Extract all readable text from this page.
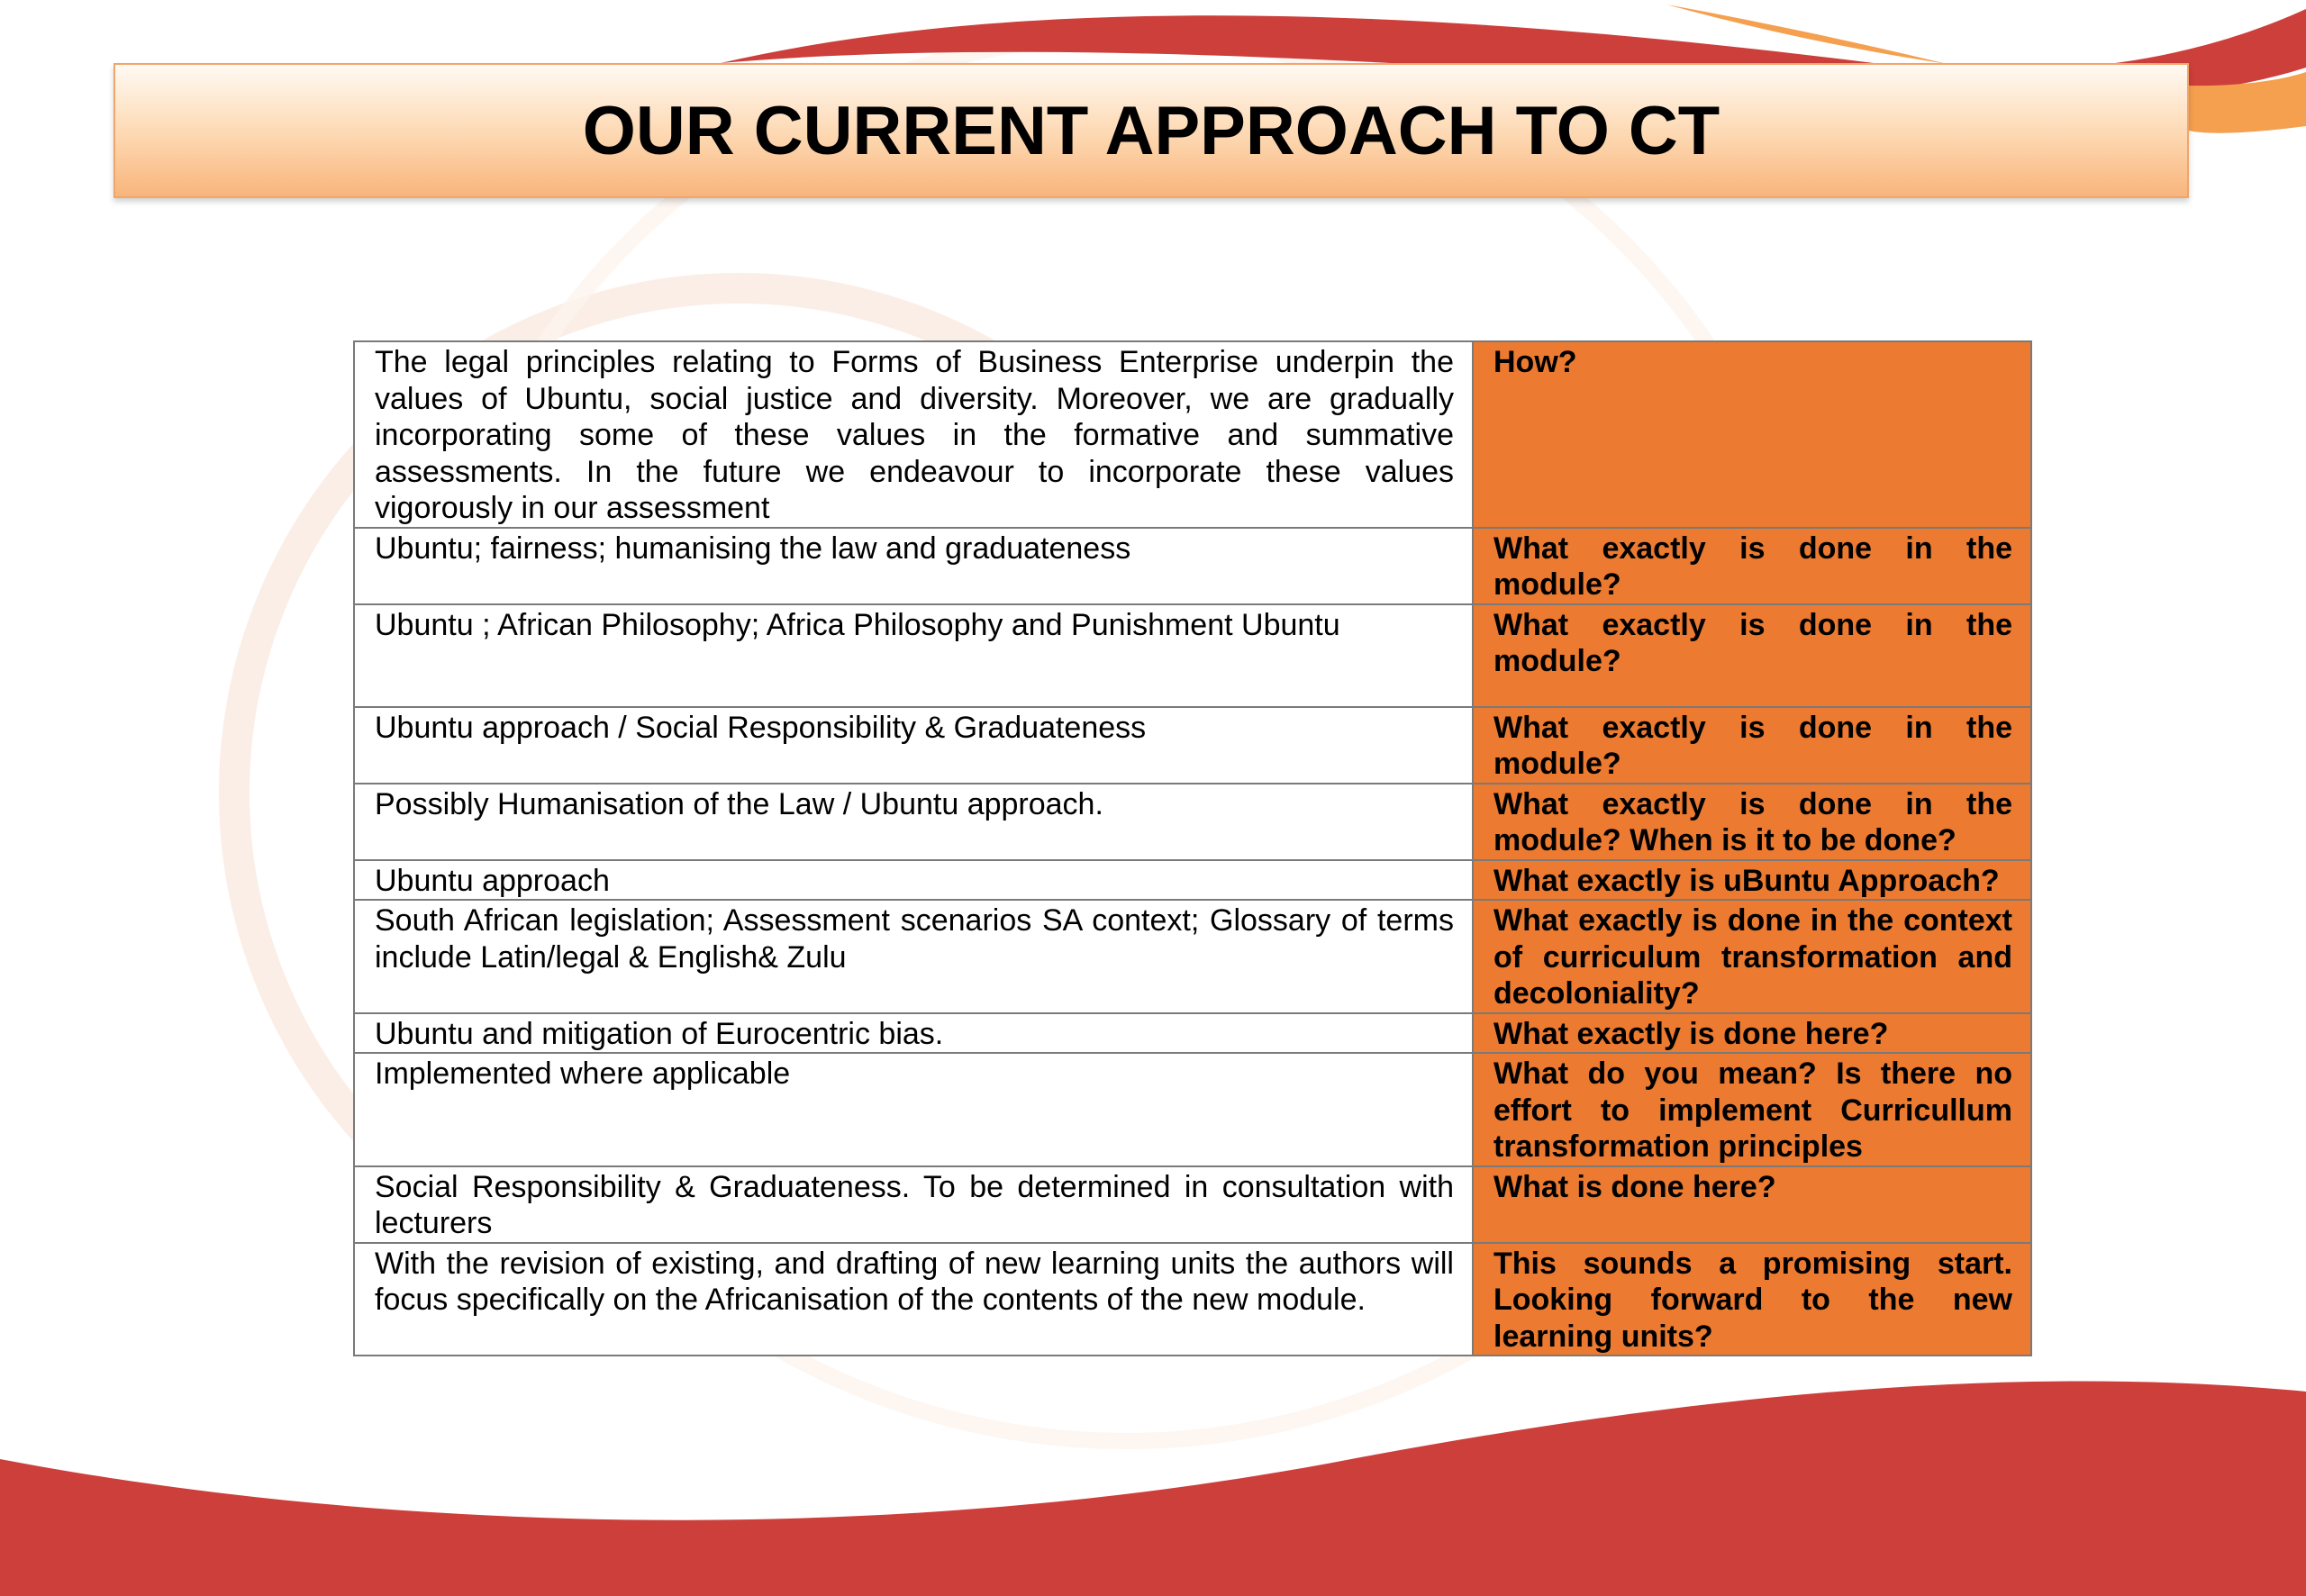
OUR CURRENT APPROACH TO CT
The legal principles relating to Forms of Business Enterprise underpin the values of Ubuntu, social justice and diversity. Moreover, we are gradually incorporating some of these values in the formative and summative assessments. In the future we endeavour to incorporate these values vigorously in our assessment	How?
Ubuntu; fairness; humanising the law and graduateness	What exactly is done in the module?
Ubuntu ; African Philosophy; Africa Philosophy and Punishment Ubuntu	What exactly is done in the module?
Ubuntu approach / Social Responsibility & Graduateness	What exactly is done in the module?
Possibly Humanisation of the Law / Ubuntu approach.	What exactly is done in the module? When is it to be done?
Ubuntu approach	What exactly is uBuntu Approach?
South African legislation; Assessment scenarios SA context; Glossary of terms include Latin/legal & English& Zulu	What exactly is done in the context of curriculum transformation and decoloniality?
Ubuntu and mitigation of Eurocentric bias.	What exactly is done here?
Implemented where applicable	What do you mean? Is there no effort to implement Curricullum transformation principles
Social Responsibility & Graduateness. To be determined in consultation with lecturers	What is done here?
With the revision of existing, and drafting of new learning units the authors will focus specifically on the Africanisation of the contents of the new module.	This sounds a promising start. Looking forward to the new learning units?
